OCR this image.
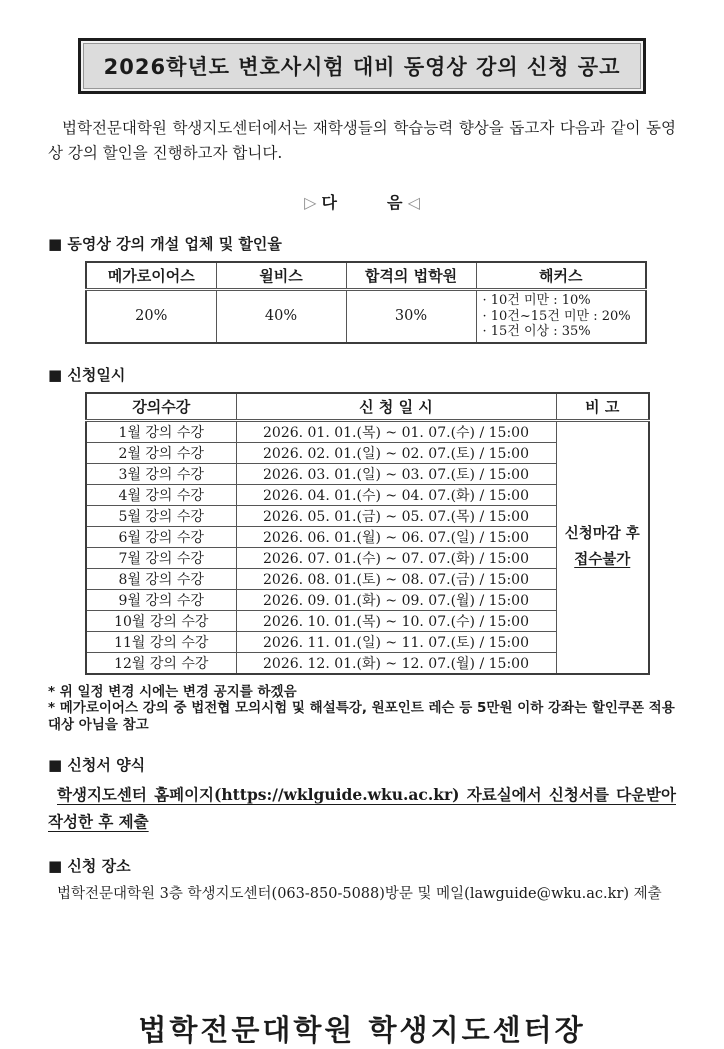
2026학년도 변호사시험 대비 동영상 강의 신청 공고

법학전문대학원 학생지도센터에서는 재학생들의 학습능력 향상을 돕고자 다음과 같이 동영상 강의 할인을 진행하고자 합니다.

▷ 다         음 ◁
■ 동영상 강의 개설 업체 및 할인율
메가로이어스	윌비스	합격의 법학원	해커스
20%	40%	30%	· 10건 미만 : 10%
· 10건~15건 미만 : 20%
· 15건 이상 : 35%
■ 신청일시
강의수강	신 청 일 시	비 고
1월 강의 수강	2026. 01. 01.(목) ~ 01. 07.(수) / 15:00	신청마감 후
접수불가

2월 강의 수강	2026. 02. 01.(일) ~ 02. 07.(토) / 15:00	
3월 강의 수강	2026. 03. 01.(일) ~ 03. 07.(토) / 15:00	
4월 강의 수강	2026. 04. 01.(수) ~ 04. 07.(화) / 15:00	
5월 강의 수강	2026. 05. 01.(금) ~ 05. 07.(목) / 15:00	
6월 강의 수강	2026. 06. 01.(월) ~ 06. 07.(일) / 15:00	
7월 강의 수강	2026. 07. 01.(수) ~ 07. 07.(화) / 15:00	
8월 강의 수강	2026. 08. 01.(토) ~ 08. 07.(금) / 15:00	
9월 강의 수강	2026. 09. 01.(화) ~ 09. 07.(월) / 15:00	
10월 강의 수강	2026. 10. 01.(목) ~ 10. 07.(수) / 15:00	
11월 강의 수강	2026. 11. 01.(일) ~ 11. 07.(토) / 15:00	
12월 강의 수강	2026. 12. 01.(화) ~ 12. 07.(월) / 15:00	
* 위 일정 변경 시에는 변경 공지를 하겠음
* 메가로이어스 강의 중 법전협 모의시험 및 해설특강, 원포인트 레슨 등 5만원 이하 강좌는 할인쿠폰 적용 대상 아님을 참고
■ 신청서 양식

학생지도센터 홈페이지(https://wklguide.wku.ac.kr) 자료실에서 신청서를 다운받아 작성한 후 제출

■ 신청 장소

법학전문대학원 3층 학생지도센터(063-850-5088)방문 및 메일(lawguide@wku.ac.kr) 제출

법학전문대학원 학생지도센터장
